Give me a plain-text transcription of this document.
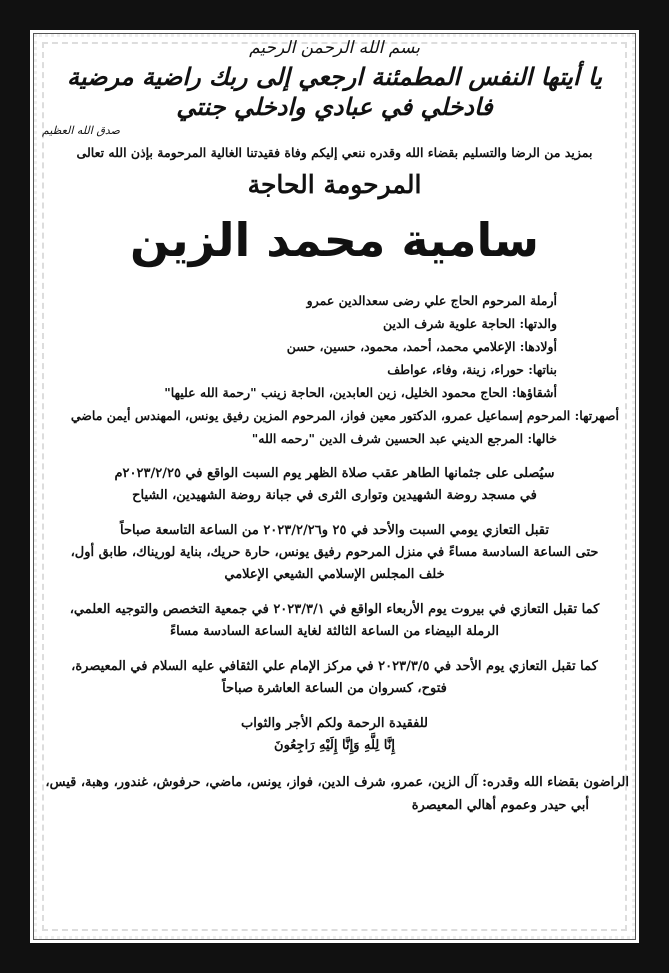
بسم الله الرحمن الرحيم
يا أيتها النفس المطمئنة ارجعي إلى ربك راضية مرضية فادخلي في عبادي وادخلي جنتي
صدق الله العظيم
بمزيد من الرضا والتسليم بقضاء الله وقدره ننعي إليكم وفاة فقيدتنا الغالية المرحومة بإذن الله تعالى
المرحومة الحاجة
سامية محمد الزين
أرملة المرحوم الحاج علي رضى سعدالدين عمرو
والدتها: الحاجة علوية شرف الدين
أولادها: الإعلامي محمد، أحمد، محمود، حسين، حسن
بناتها: حوراء، زينة، وفاء، عواطف
أشقاؤها: الحاج محمود الخليل، زين العابدين، الحاجة زينب "رحمة الله عليها"
أصهرتها: المرحوم إسماعيل عمرو، الدكتور معين فواز، المرحوم المزين رفيق يونس، المهندس أيمن ماضي
خالها: المرجع الديني عبد الحسين شرف الدين "رحمه الله"
سيُصلى على جثمانها الطاهر عقب صلاة الظهر يوم السبت الواقع في ٢٠٢٣/٢/٢٥م
في مسجد روضة الشهيدين وتوارى الثرى في جبانة روضة الشهيدين، الشياح
تقبل التعازي يومي السبت والأحد في ٢٥ و٢٠٢٣/٢/٢٦ من الساعة التاسعة صباحاً
حتى الساعة السادسة مساءً في منزل المرحوم رفيق يونس، حارة حريك، بناية لوريناك، طابق أول،
خلف المجلس الإسلامي الشيعي الإعلامي
كما تقبل التعازي في بيروت يوم الأربعاء الواقع في ٢٠٢٣/٣/١ في جمعية التخصص والتوجيه العلمي،
الرملة البيضاء من الساعة الثالثة لغاية الساعة السادسة مساءً
كما تقبل التعازي يوم الأحد في ٢٠٢٣/٣/٥ في مركز الإمام علي الثقافي عليه السلام في المعيصرة،
فتوح، كسروان من الساعة العاشرة صباحاً
للفقيدة الرحمة ولكم الأجر والثواب
إِنَّا لِلَّهِ وَإِنَّا إِلَيْهِ رَاجِعُونَ
الراضون بقضاء الله وقدره: آل الزين، عمرو، شرف الدين، فواز، يونس، ماضي، حرفوش، غندور، وهبة، قيس،
أبي حيدر وعموم أهالي المعيصرة
